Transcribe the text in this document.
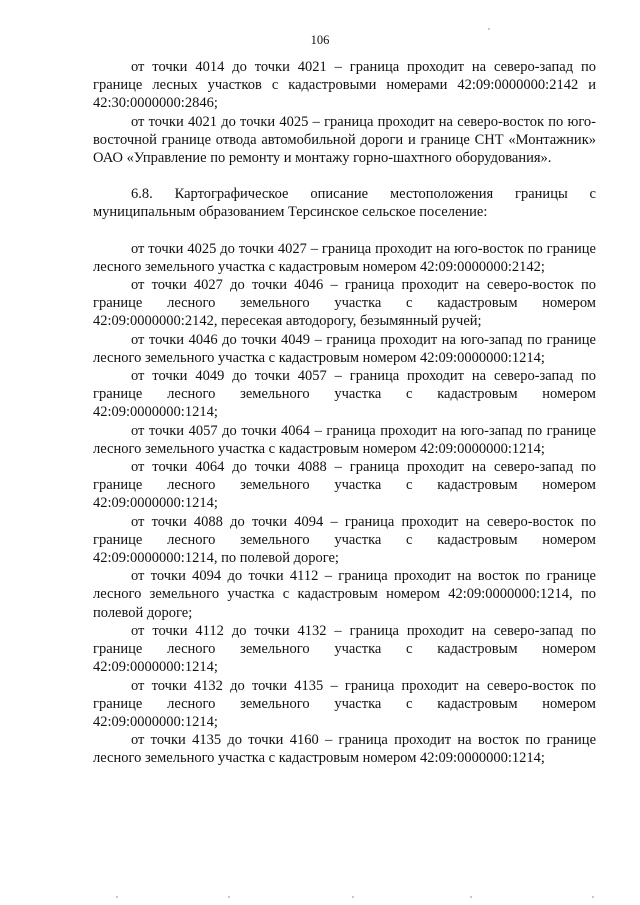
106

от точки 4014 до точки 4021 – граница проходит на северо-запад по границе лесных участков с кадастровыми номерами 42:09:0000000:2142 и 42:30:0000000:2846;

от точки 4021 до точки 4025 – граница проходит на северо-восток по юго-восточной границе отвода автомобильной дороги и границе СНТ «Монтажник» ОАО «Управление по ремонту и монтажу горно-шахтного оборудования».

6.8. Картографическое описание местоположения границы с муниципальным образованием Терсинское сельское поселение:

от точки 4025 до точки 4027 – граница проходит на юго-восток по границе лесного земельного участка с кадастровым номером 42:09:0000000:2142;

от точки 4027 до точки 4046 – граница проходит на северо-восток по границе лесного земельного участка с кадастровым номером 42:09:0000000:2142, пересекая автодорогу, безымянный ручей;

от точки 4046 до точки 4049 – граница проходит на юго-запад по границе лесного земельного участка с кадастровым номером 42:09:0000000:1214;

от точки 4049 до точки 4057 – граница проходит на северо-запад по границе лесного земельного участка с кадастровым номером 42:09:0000000:1214;

от точки 4057 до точки 4064 – граница проходит на юго-запад по границе лесного земельного участка с кадастровым номером 42:09:0000000:1214;

от точки 4064 до точки 4088 – граница проходит на северо-запад по границе лесного земельного участка с кадастровым номером 42:09:0000000:1214;

от точки 4088 до точки 4094 – граница проходит на северо-восток по границе лесного земельного участка с кадастровым номером 42:09:0000000:1214, по полевой дороге;

от точки 4094 до точки 4112 – граница проходит на восток по границе лесного земельного участка с кадастровым номером 42:09:0000000:1214, по полевой дороге;

от точки 4112 до точки 4132 – граница проходит на северо-запад по границе лесного земельного участка с кадастровым номером 42:09:0000000:1214;

от точки 4132 до точки 4135 – граница проходит на северо-восток по границе лесного земельного участка с кадастровым номером 42:09:0000000:1214;

от точки 4135 до точки 4160 – граница проходит на восток по границе лесного земельного участка с кадастровым номером 42:09:0000000:1214;
